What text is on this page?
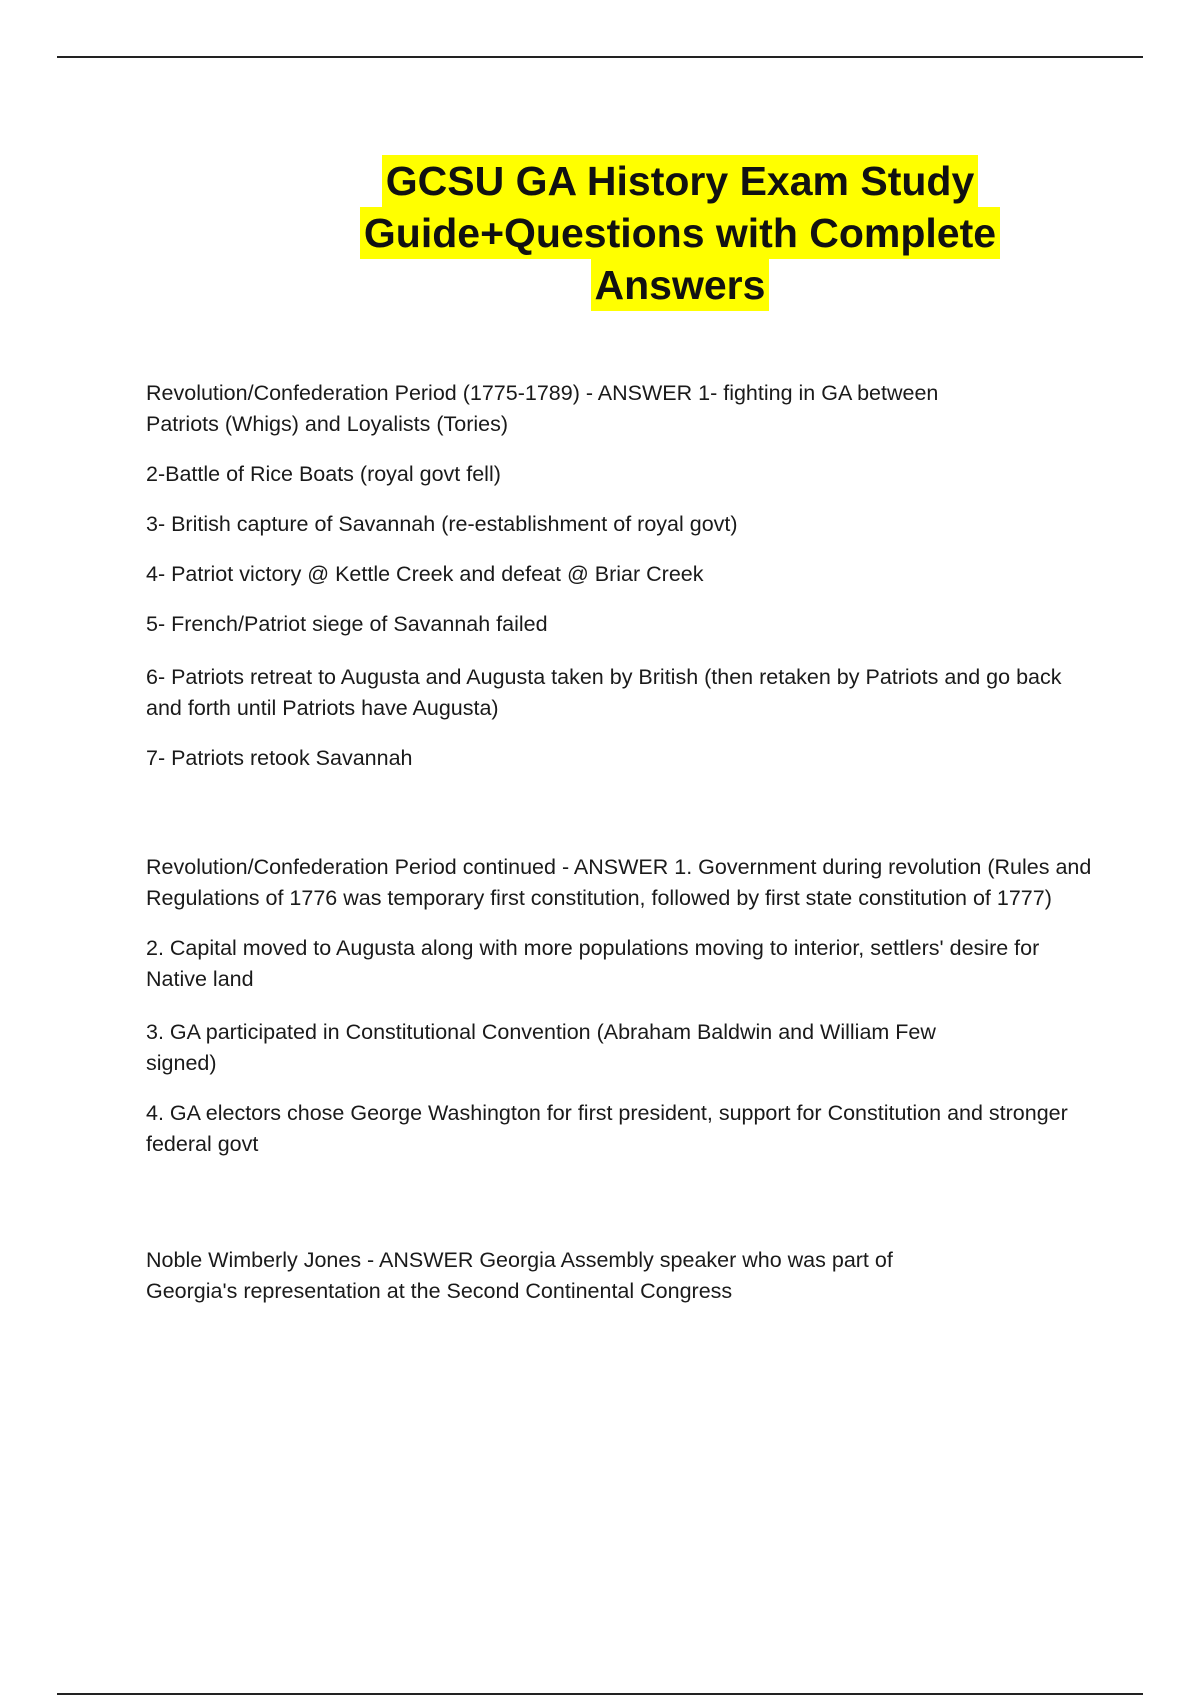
GCSU GA History Exam Study
Guide+Questions with Complete
Answers

Revolution/Confederation Period (1775-1789) - ANSWER 1- fighting in GA between Patriots (Whigs) and Loyalists (Tories)

2-Battle of Rice Boats (royal govt fell)

3- British capture of Savannah (re-establishment of royal govt)

4- Patriot victory @ Kettle Creek and defeat @ Briar Creek

5- French/Patriot siege of Savannah failed

6- Patriots retreat to Augusta and Augusta taken by British (then retaken by Patriots and go back and forth until Patriots have Augusta)

7- Patriots retook Savannah

Revolution/Confederation Period continued - ANSWER 1. Government during revolution (Rules and Regulations of 1776 was temporary first constitution, followed by first state constitution of 1777)

2. Capital moved to Augusta along with more populations moving to interior, settlers' desire for Native land

3. GA participated in Constitutional Convention (Abraham Baldwin and William Few signed)

4. GA electors chose George Washington for first president, support for Constitution and stronger federal govt

Noble Wimberly Jones - ANSWER Georgia Assembly speaker who was part of Georgia's representation at the Second Continental Congress
